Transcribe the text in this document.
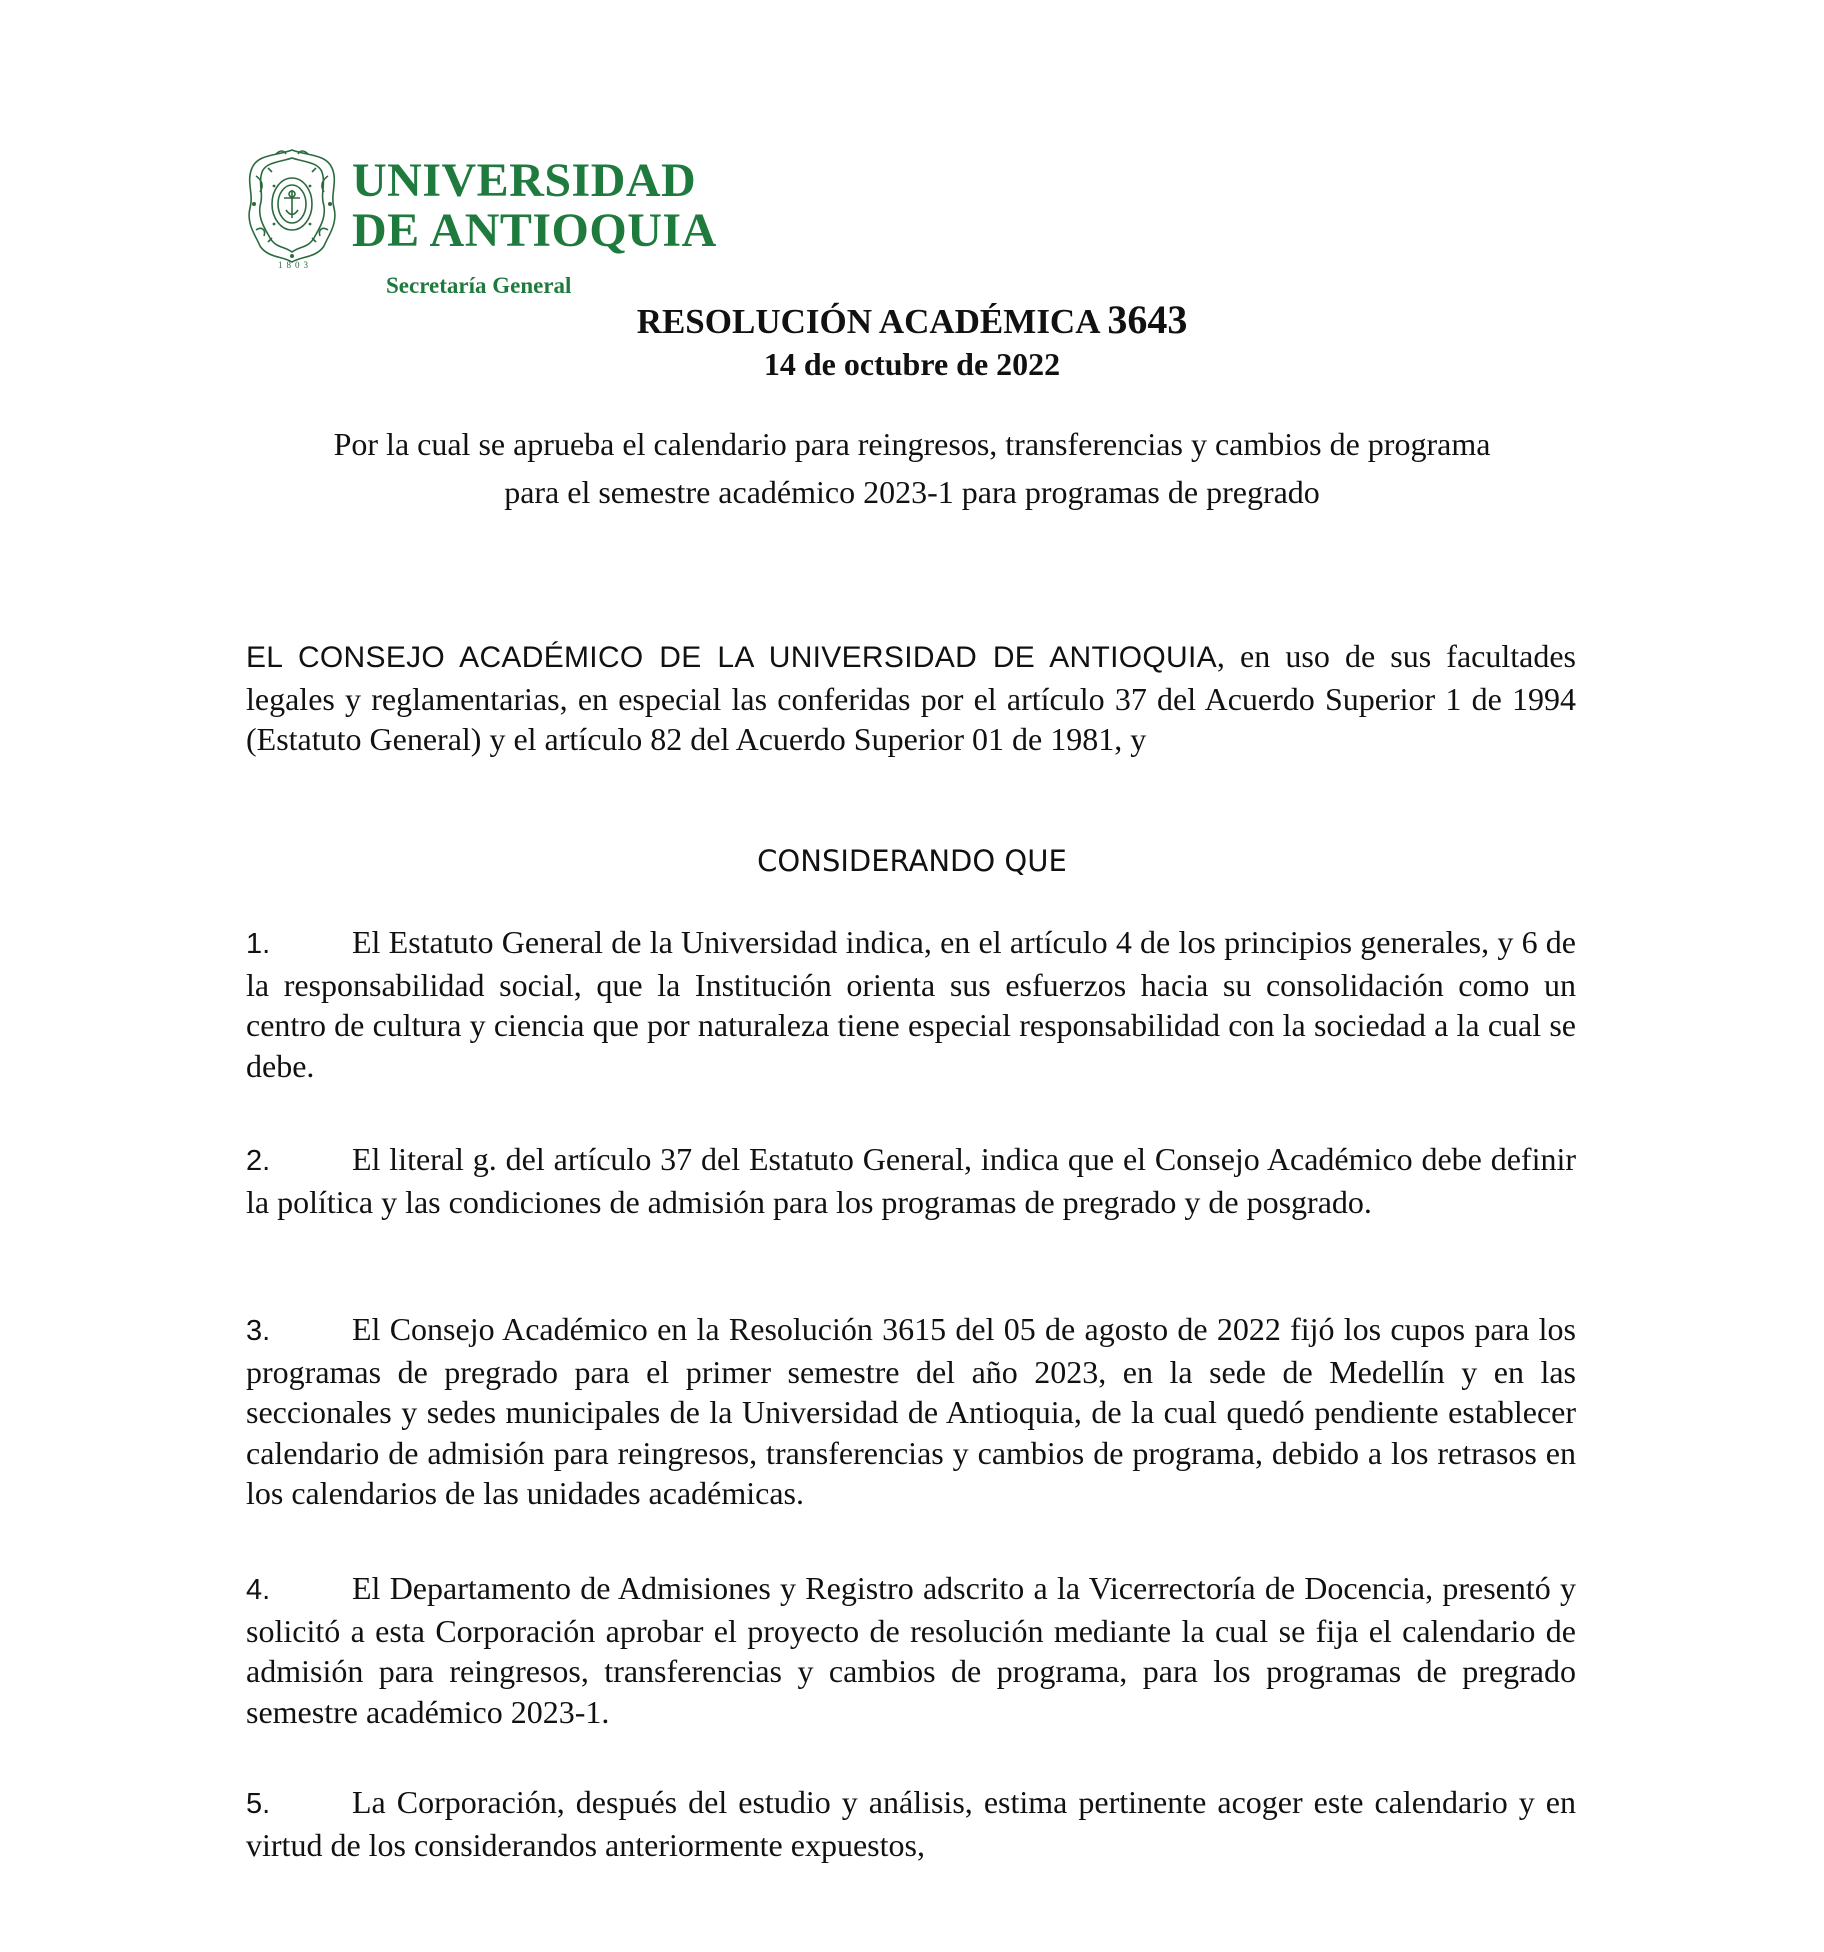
1803
UNIVERSIDAD
DE ANTIOQUIA
Secretaría General
RESOLUCIÓN ACADÉMICA 3643
14 de octubre de 2022
Por la cual se aprueba el calendario para reingresos, transferencias y cambios de programa
para el semestre académico 2023-1 para programas de pregrado
EL CONSEJO ACADÉMICO DE LA UNIVERSIDAD DE ANTIOQUIA, en uso de sus facultades legales y reglamentarias, en especial las conferidas por el artículo 37 del Acuerdo Superior 1 de 1994 (Estatuto General) y el artículo 82 del Acuerdo Superior 01 de 1981, y
CONSIDERANDO QUE
1.	El Estatuto General de la Universidad indica, en el artículo 4 de los principios generales, y 6 de la responsabilidad social, que la Institución orienta sus esfuerzos hacia su consolidación como un centro de cultura y ciencia que por naturaleza tiene especial responsabilidad con la sociedad a la cual se debe.
2.	El literal g. del artículo 37 del Estatuto General, indica que el Consejo Académico debe definir la política y las condiciones de admisión para los programas de pregrado y de posgrado.
3.	El Consejo Académico en la Resolución 3615 del 05 de agosto de 2022 fijó los cupos para los programas de pregrado para el primer semestre del año 2023, en la sede de Medellín y en las seccionales y sedes municipales de la Universidad de Antioquia, de la cual quedó pendiente establecer calendario de admisión para reingresos, transferencias y cambios de programa, debido a los retrasos en los calendarios de las unidades académicas.
4.	El Departamento de Admisiones y Registro adscrito a la Vicerrectoría de Docencia, presentó y solicitó a esta Corporación aprobar el proyecto de resolución mediante la cual se fija el calendario de admisión para reingresos, transferencias y cambios de programa, para los programas de pregrado semestre académico 2023-1.
5.	La Corporación, después del estudio y análisis, estima pertinente acoger este calendario y en virtud de los considerandos anteriormente expuestos,
